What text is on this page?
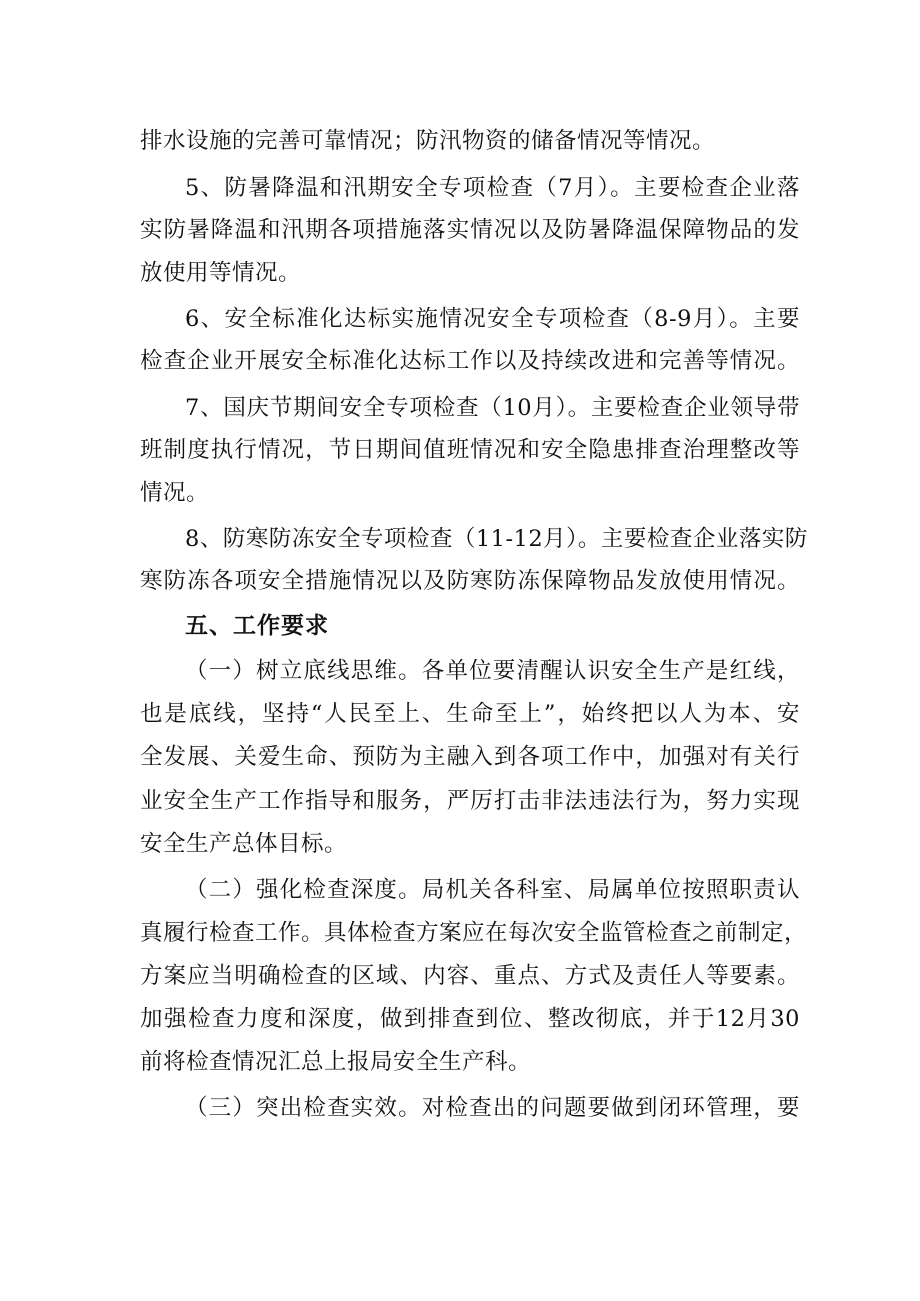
排水设施的完善可靠情况；防汛物资的储备情况等情况。
5、防暑降温和汛期安全专项检查（7月）。主要检查企业落
实防暑降温和汛期各项措施落实情况以及防暑降温保障物品的发
放使用等情况。
6、安全标准化达标实施情况安全专项检查（8-9月）。主要
检查企业开展安全标准化达标工作以及持续改进和完善等情况。
7、国庆节期间安全专项检查（10月）。主要检查企业领导带
班制度执行情况，节日期间值班情况和安全隐患排查治理整改等
情况。
8、防寒防冻安全专项检查（11-12月）。主要检查企业落实防
寒防冻各项安全措施情况以及防寒防冻保障物品发放使用情况。
五、工作要求
（一）树立底线思维。各单位要清醒认识安全生产是红线，
也是底线，坚持“人民至上、生命至上”，始终把以人为本、安
全发展、关爱生命、预防为主融入到各项工作中，加强对有关行
业安全生产工作指导和服务，严厉打击非法违法行为，努力实现
安全生产总体目标。
（二）强化检查深度。局机关各科室、局属单位按照职责认
真履行检查工作。具体检查方案应在每次安全监管检查之前制定，
方案应当明确检查的区域、内容、重点、方式及责任人等要素。
加强检查力度和深度，做到排查到位、整改彻底，并于12月30
前将检查情况汇总上报局安全生产科。
（三）突出检查实效。对检查出的问题要做到闭环管理，要
